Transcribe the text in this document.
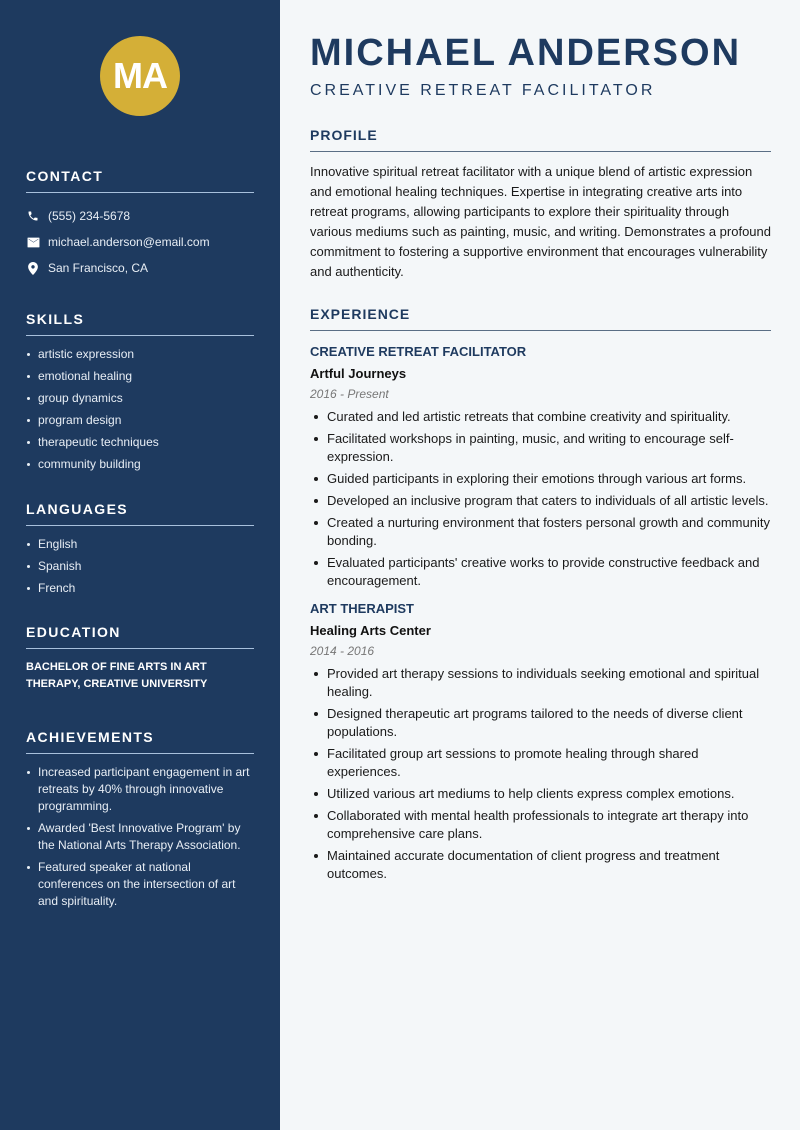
MA
CONTACT
(555) 234-5678
michael.anderson@email.com
San Francisco, CA
SKILLS
artistic expression
emotional healing
group dynamics
program design
therapeutic techniques
community building
LANGUAGES
English
Spanish
French
EDUCATION

BACHELOR OF FINE ARTS IN ART THERAPY, CREATIVE UNIVERSITY

ACHIEVEMENTS
Increased participant engagement in art retreats by 40% through innovative programming.
Awarded 'Best Innovative Program' by the National Arts Therapy Association.
Featured speaker at national conferences on the intersection of art and spirituality.
MICHAEL ANDERSON
CREATIVE RETREAT FACILITATOR
PROFILE

Innovative spiritual retreat facilitator with a unique blend of artistic expression and emotional healing techniques. Expertise in integrating creative arts into retreat programs, allowing participants to explore their spirituality through various mediums such as painting, music, and writing. Demonstrates a profound commitment to fostering a supportive environment that encourages vulnerability and authenticity.

EXPERIENCE
CREATIVE RETREAT FACILITATOR
Artful Journeys
2016 - Present
Curated and led artistic retreats that combine creativity and spirituality.
Facilitated workshops in painting, music, and writing to encourage self-expression.
Guided participants in exploring their emotions through various art forms.
Developed an inclusive program that caters to individuals of all artistic levels.
Created a nurturing environment that fosters personal growth and community bonding.
Evaluated participants' creative works to provide constructive feedback and encouragement.
ART THERAPIST
Healing Arts Center
2014 - 2016
Provided art therapy sessions to individuals seeking emotional and spiritual healing.
Designed therapeutic art programs tailored to the needs of diverse client populations.
Facilitated group art sessions to promote healing through shared experiences.
Utilized various art mediums to help clients express complex emotions.
Collaborated with mental health professionals to integrate art therapy into comprehensive care plans.
Maintained accurate documentation of client progress and treatment outcomes.
